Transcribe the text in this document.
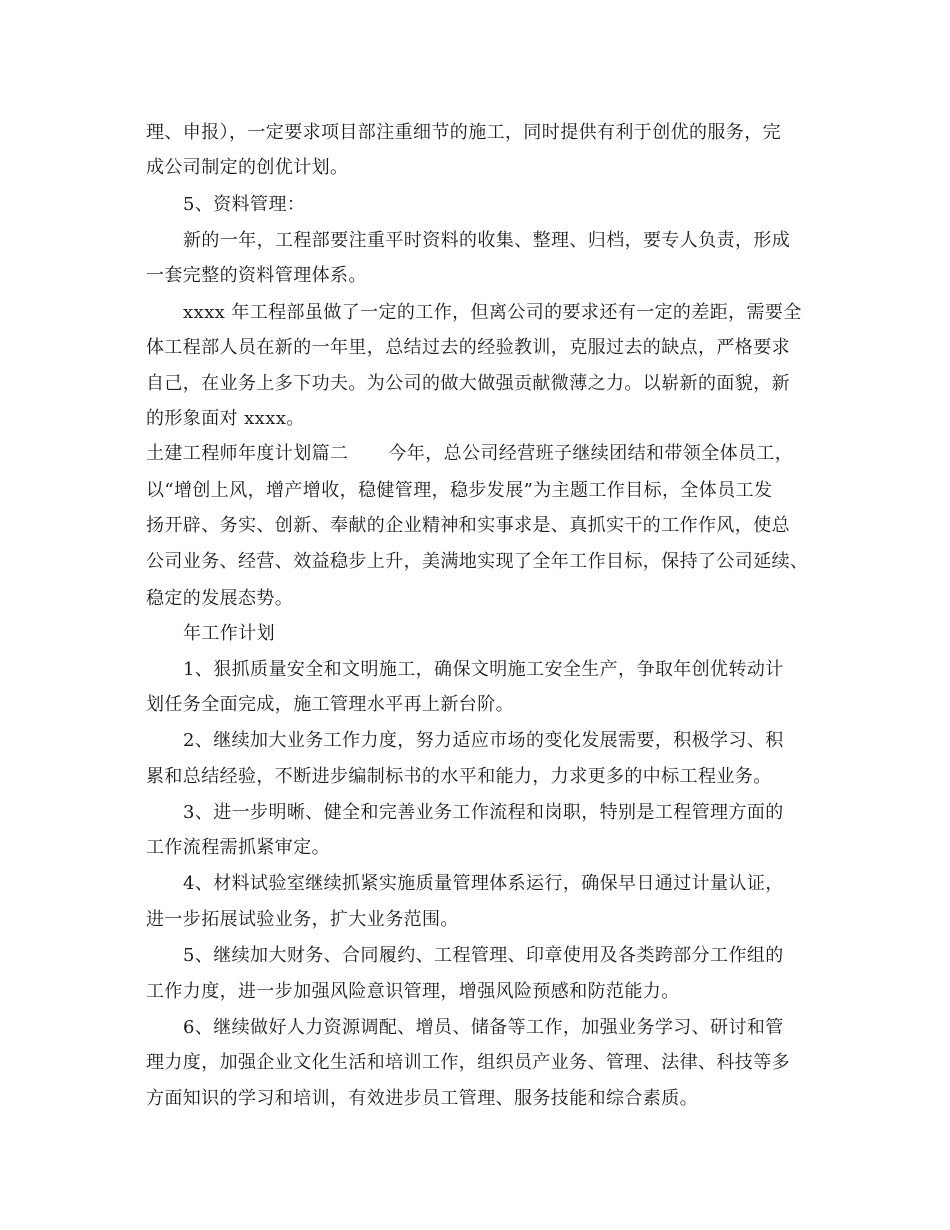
理、申报），一定要求项目部注重细节的施工，同时提供有利于创优的服务，完
成公司制定的创优计划。
5、资料管理：
新的一年，工程部要注重平时资料的收集、整理、归档，要专人负责，形成
一套完整的资料管理体系。
xxxx 年工程部虽做了一定的工作，但离公司的要求还有一定的差距，需要全
体工程部人员在新的一年里，总结过去的经验教训，克服过去的缺点，严格要求
自己，在业务上多下功夫。为公司的做大做强贡献微薄之力。以崭新的面貌，新
的形象面对 xxxx。
土建工程师年度计划篇二 今年，总公司经营班子继续团结和带领全体员工，
以“增创上风，增产增收，稳健管理，稳步发展”为主题工作目标，全体员工发
扬开辟、务实、创新、奉献的企业精神和实事求是、真抓实干的工作作风，使总
公司业务、经营、效益稳步上升，美满地实现了全年工作目标，保持了公司延续、
稳定的发展态势。
年工作计划
1、狠抓质量安全和文明施工，确保文明施工安全生产，争取年创优转动计
划任务全面完成，施工管理水平再上新台阶。
2、继续加大业务工作力度，努力适应市场的变化发展需要，积极学习、积
累和总结经验，不断进步编制标书的水平和能力，力求更多的中标工程业务。
3、进一步明晰、健全和完善业务工作流程和岗职，特别是工程管理方面的
工作流程需抓紧审定。
4、材料试验室继续抓紧实施质量管理体系运行，确保早日通过计量认证，
进一步拓展试验业务，扩大业务范围。
5、继续加大财务、合同履约、工程管理、印章使用及各类跨部分工作组的
工作力度，进一步加强风险意识管理，增强风险预感和防范能力。
6、继续做好人力资源调配、增员、储备等工作，加强业务学习、研讨和管
理力度，加强企业文化生活和培训工作，组织员产业务、管理、法律、科技等多
方面知识的学习和培训，有效进步员工管理、服务技能和综合素质。
